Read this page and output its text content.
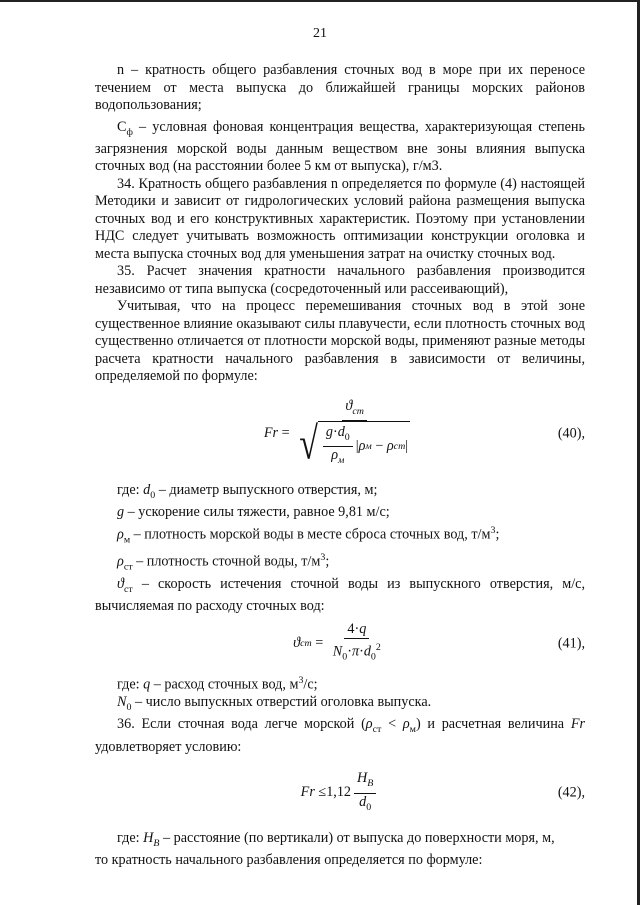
21

n – кратность общего разбавления сточных вод в море при их переносе течением от места выпуска до ближайшей границы морских районов водопользования;

$С_ф$ – условная фоновая концентрация вещества, характеризующая степень загрязнения морской воды данным веществом вне зоны влияния выпуска сточных вод (на расстоянии более 5 км от выпуска), г/м3.

34. Кратность общего разбавления n определяется по формуле (4) настоящей Методики и зависит от гидрологических условий района размещения выпуска сточных вод и его конструктивных характеристик. Поэтому при установлении НДС следует учитывать возможность оптимизации конструкции оголовка и места выпуска сточных вод для уменьшения затрат на очистку сточных вод.

35. Расчет значения кратности начального разбавления производится независимо от типа выпуска (сосредоточенный или рассеивающий),

Учитывая, что на процесс перемешивания сточных вод в этой зоне существенное влияние оказывают силы плавучести, если плотность сточных вод существенно отличается от плотности морской воды, применяют разные методы расчета кратности начального разбавления в зависимости от величины, определяемой по формуле:

Fr
=

$ϑ_{ст}$
√ $\frac{g\cdot d_0}{\rho_м}$ | ρ м
−
ρ ст |
(40),

где: $d_0$ – диаметр выпускного отверстия, м;

g – ускорение силы тяжести, равное 9,81 м/с;

$\rho_м$ – плотность морской воды в месте сброса сточных вод, $т/м^3$;

$\rho_{ст}$ – плотность сточной воды, $т/м^3$;

$ϑ_{ст}$ – скорость истечения сточной воды из выпускного отверстия, м/с, вычисляемая по расходу сточных вод:

ϑ ст
=
$\frac{4\cdot q}{N_0\cdot\pi\cdot d_0^2}$	(41),

где: q – расход сточных вод, $м^3/с$;

$N_0$ – число выпускных отверстий оголовка выпуска.

36. Если сточная вода легче морской $(\rho_{ст} < \rho_м)$ и расчетная величина Fr удовлетворяет условию:

Fr
≤ $1,12 \frac{H_В}{d_0}$	(42),

где: $H_В$ – расстояние (по вертикали) от выпуска до поверхности моря, м,

то кратность начального разбавления определяется по формуле:
